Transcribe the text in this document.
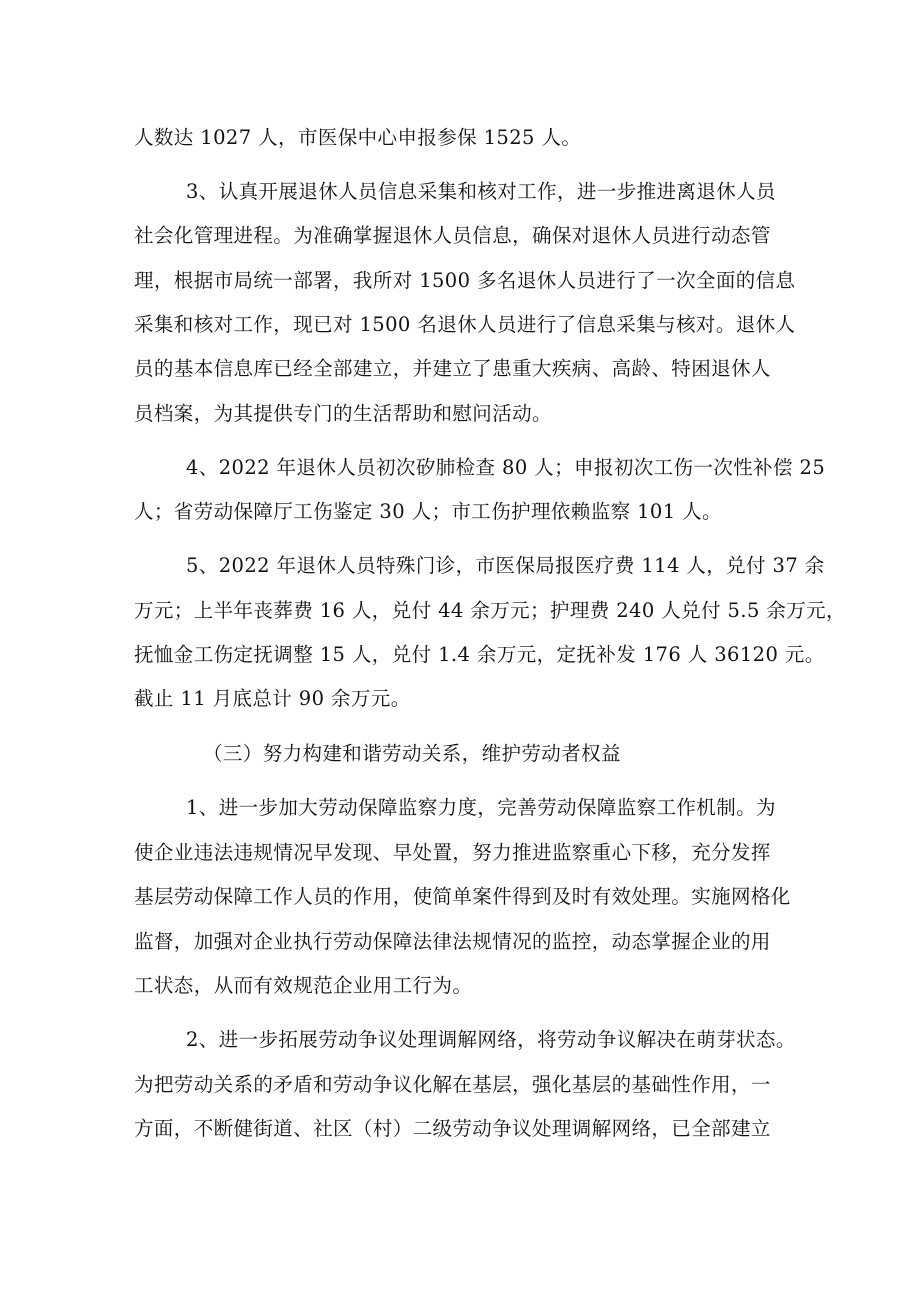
人数达 1027 人，市医保中心申报参保 1525 人。
3、认真开展退休人员信息采集和核对工作，进一步推进离退休人员
社会化管理进程。为准确掌握退休人员信息，确保对退休人员进行动态管
理，根据市局统一部署，我所对 1500 多名退休人员进行了一次全面的信息
采集和核对工作，现已对 1500 名退休人员进行了信息采集与核对。退休人
员的基本信息库已经全部建立，并建立了患重大疾病、高龄、特困退休人
员档案，为其提供专门的生活帮助和慰问活动。
4、2022 年退休人员初次矽肺检查 80 人；申报初次工伤一次性补偿 25
人；省劳动保障厅工伤鉴定 30 人；市工伤护理依赖监察 101 人。
5、2022 年退休人员特殊门诊，市医保局报医疗费 114 人，兑付 37 余
万元；上半年丧葬费 16 人，兑付 44 余万元；护理费 240 人兑付 5.5 余万元，
抚恤金工伤定抚调整 15 人，兑付 1.4 余万元，定抚补发 176 人 36120 元。
截止 11 月底总计 90 余万元。
（三）努力构建和谐劳动关系，维护劳动者权益
1、进一步加大劳动保障监察力度，完善劳动保障监察工作机制。为
使企业违法违规情况早发现、早处置，努力推进监察重心下移，充分发挥
基层劳动保障工作人员的作用，使简单案件得到及时有效处理。实施网格化
监督，加强对企业执行劳动保障法律法规情况的监控，动态掌握企业的用
工状态，从而有效规范企业用工行为。
2、进一步拓展劳动争议处理调解网络，将劳动争议解决在萌芽状态。
为把劳动关系的矛盾和劳动争议化解在基层，强化基层的基础性作用，一
方面，不断健街道、社区（村）二级劳动争议处理调解网络，已全部建立
